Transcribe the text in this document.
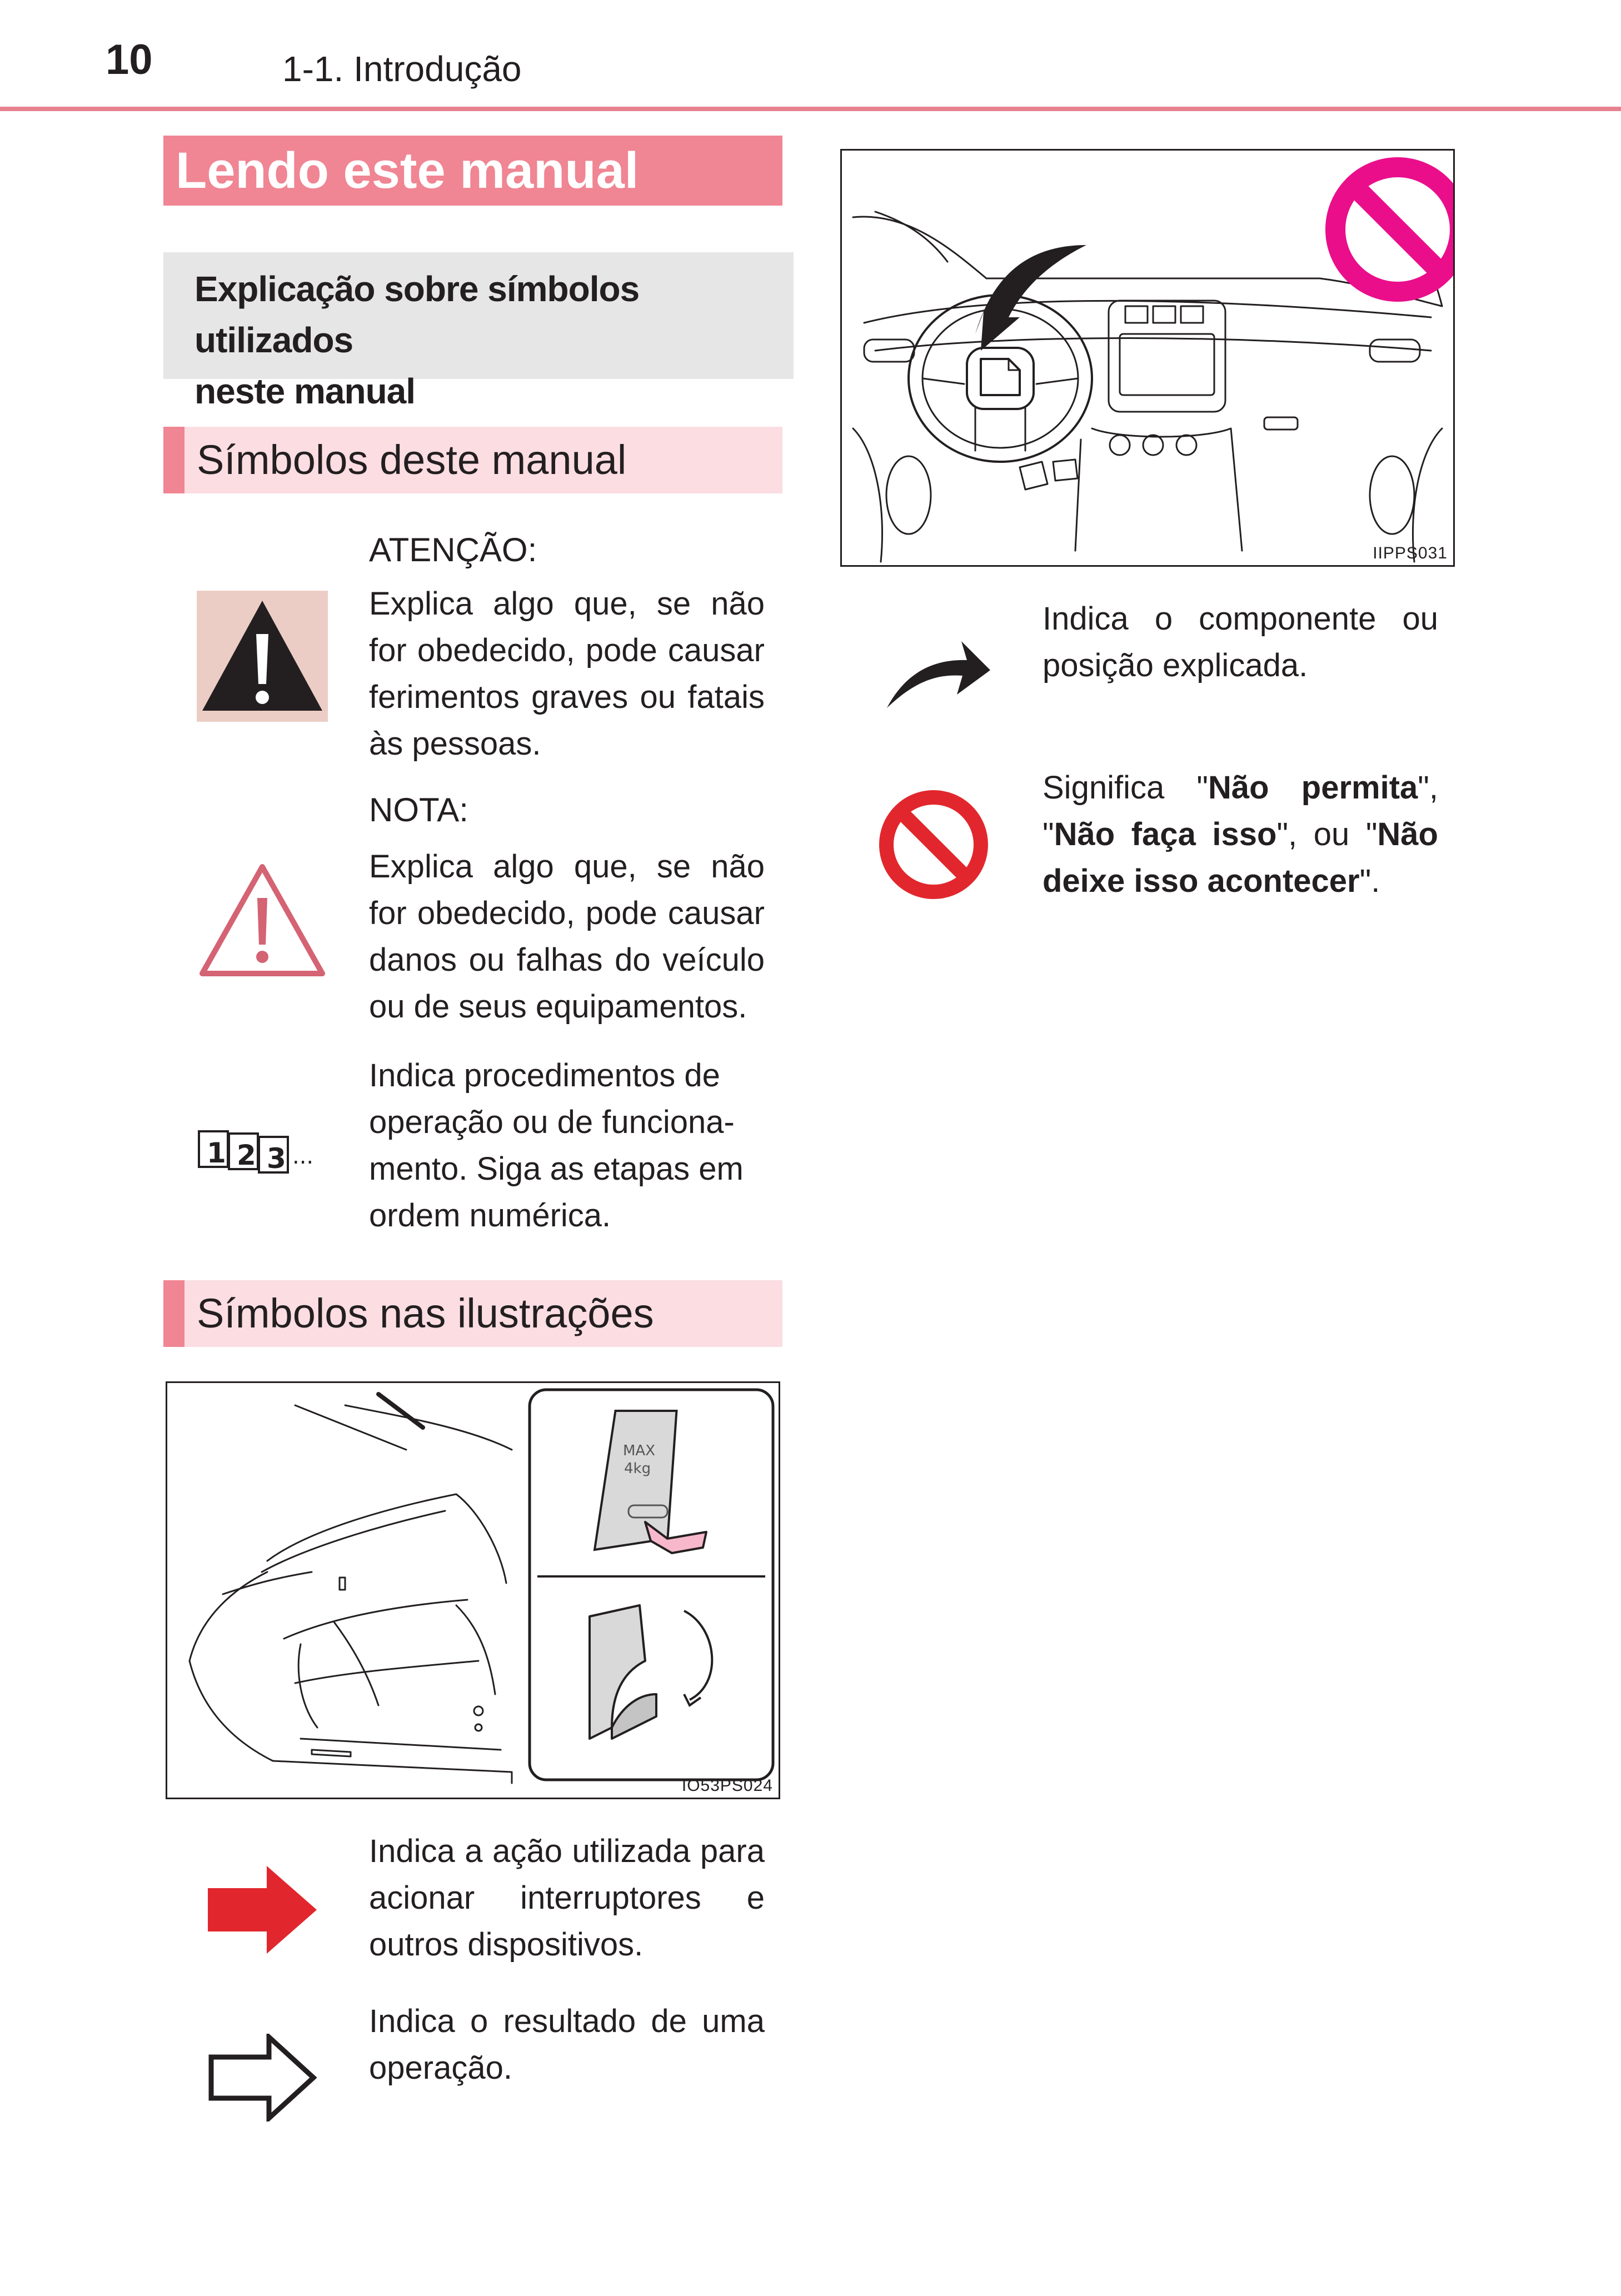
10	1-1. Introdução
Lendo este manual
Explicação sobre símbolos utilizados
neste manual
Símbolos deste manual
ATENÇÃO:
Explica algo que, se não for obedecido, pode causar ferimentos graves ou fatais às pessoas.
NOTA:
Explica algo que, se não for obedecido, pode causar danos ou falhas do veículo ou de seus equipamentos.
1 2 3 ...
Indica procedimentos de operação ou de funciona-mento. Siga as etapas em ordem numérica.
Símbolos nas ilustrações
MAX
4kg
IO53PS024
Indica a ação utilizada para acionar interruptores e outros dispositivos.
Indica o resultado de uma operação.
IIPPS031
Indica o componente ou posição explicada.
Significa "Não permita", "Não faça isso", ou "Não deixe isso acontecer".
